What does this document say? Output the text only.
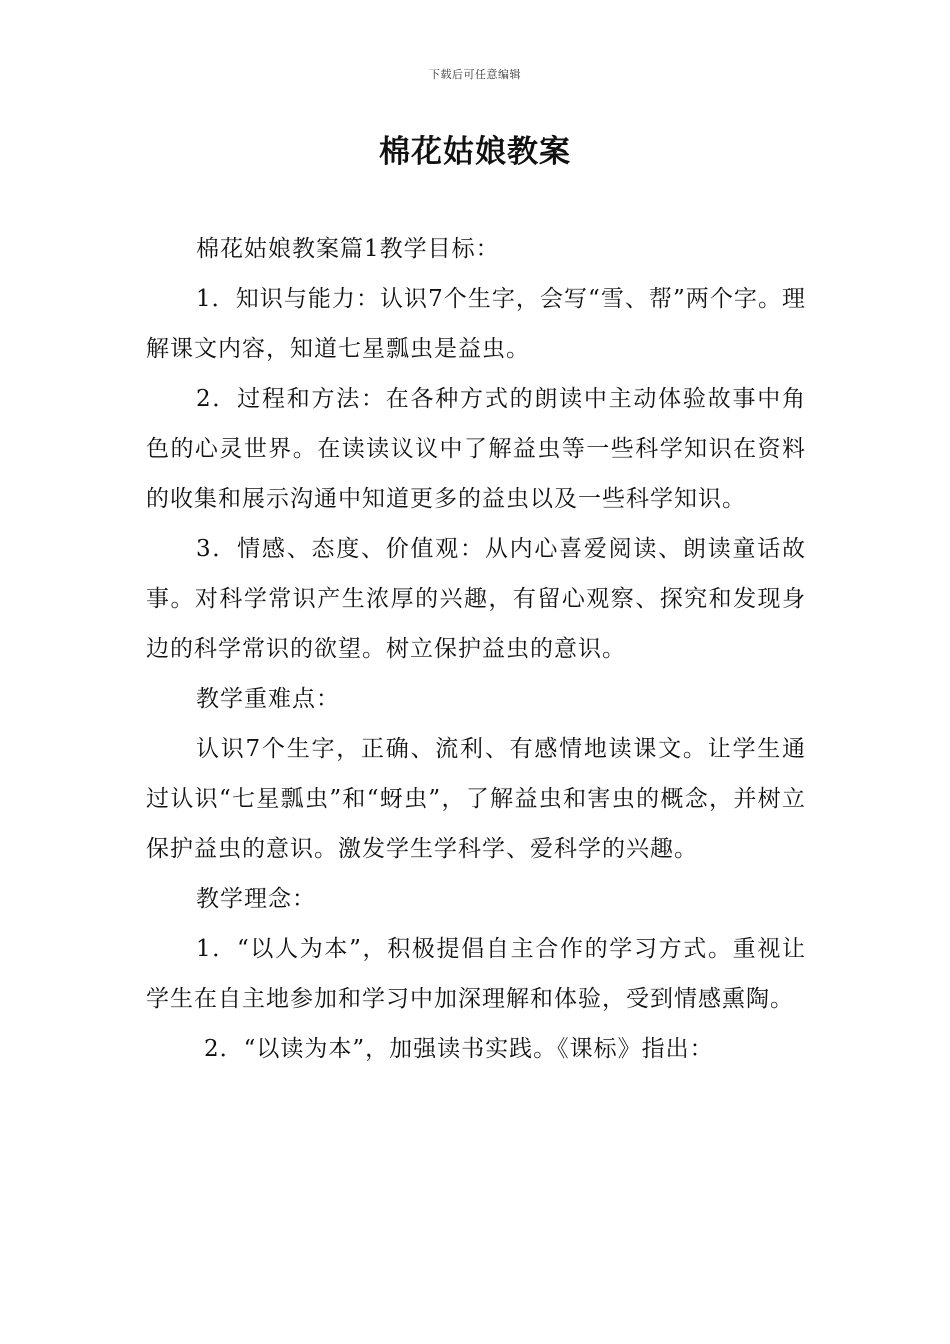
下载后可任意编辑
棉花姑娘教案

棉花姑娘教案篇1教学目标：

1．知识与能力：认识7个生字，会写“雪、帮”两个字。理解课文内容，知道七星瓢虫是益虫。

2．过程和方法：在各种方式的朗读中主动体验故事中角色的心灵世界。在读读议议中了解益虫等一些科学知识在资料的收集和展示沟通中知道更多的益虫以及一些科学知识。

3．情感、态度、价值观：从内心喜爱阅读、朗读童话故事。对科学常识产生浓厚的兴趣，有留心观察、探究和发现身边的科学常识的欲望。树立保护益虫的意识。

教学重难点：

认识7个生字，正确、流利、有感情地读课文。让学生通过认识“七星瓢虫”和“蚜虫”，了解益虫和害虫的概念，并树立保护益虫的意识。激发学生学科学、爱科学的兴趣。

教学理念：

1．“以人为本”，积极提倡自主合作的学习方式。重视让学生在自主地参加和学习中加深理解和体验，受到情感熏陶。

2．“以读为本”，加强读书实践。《课标》指出：
